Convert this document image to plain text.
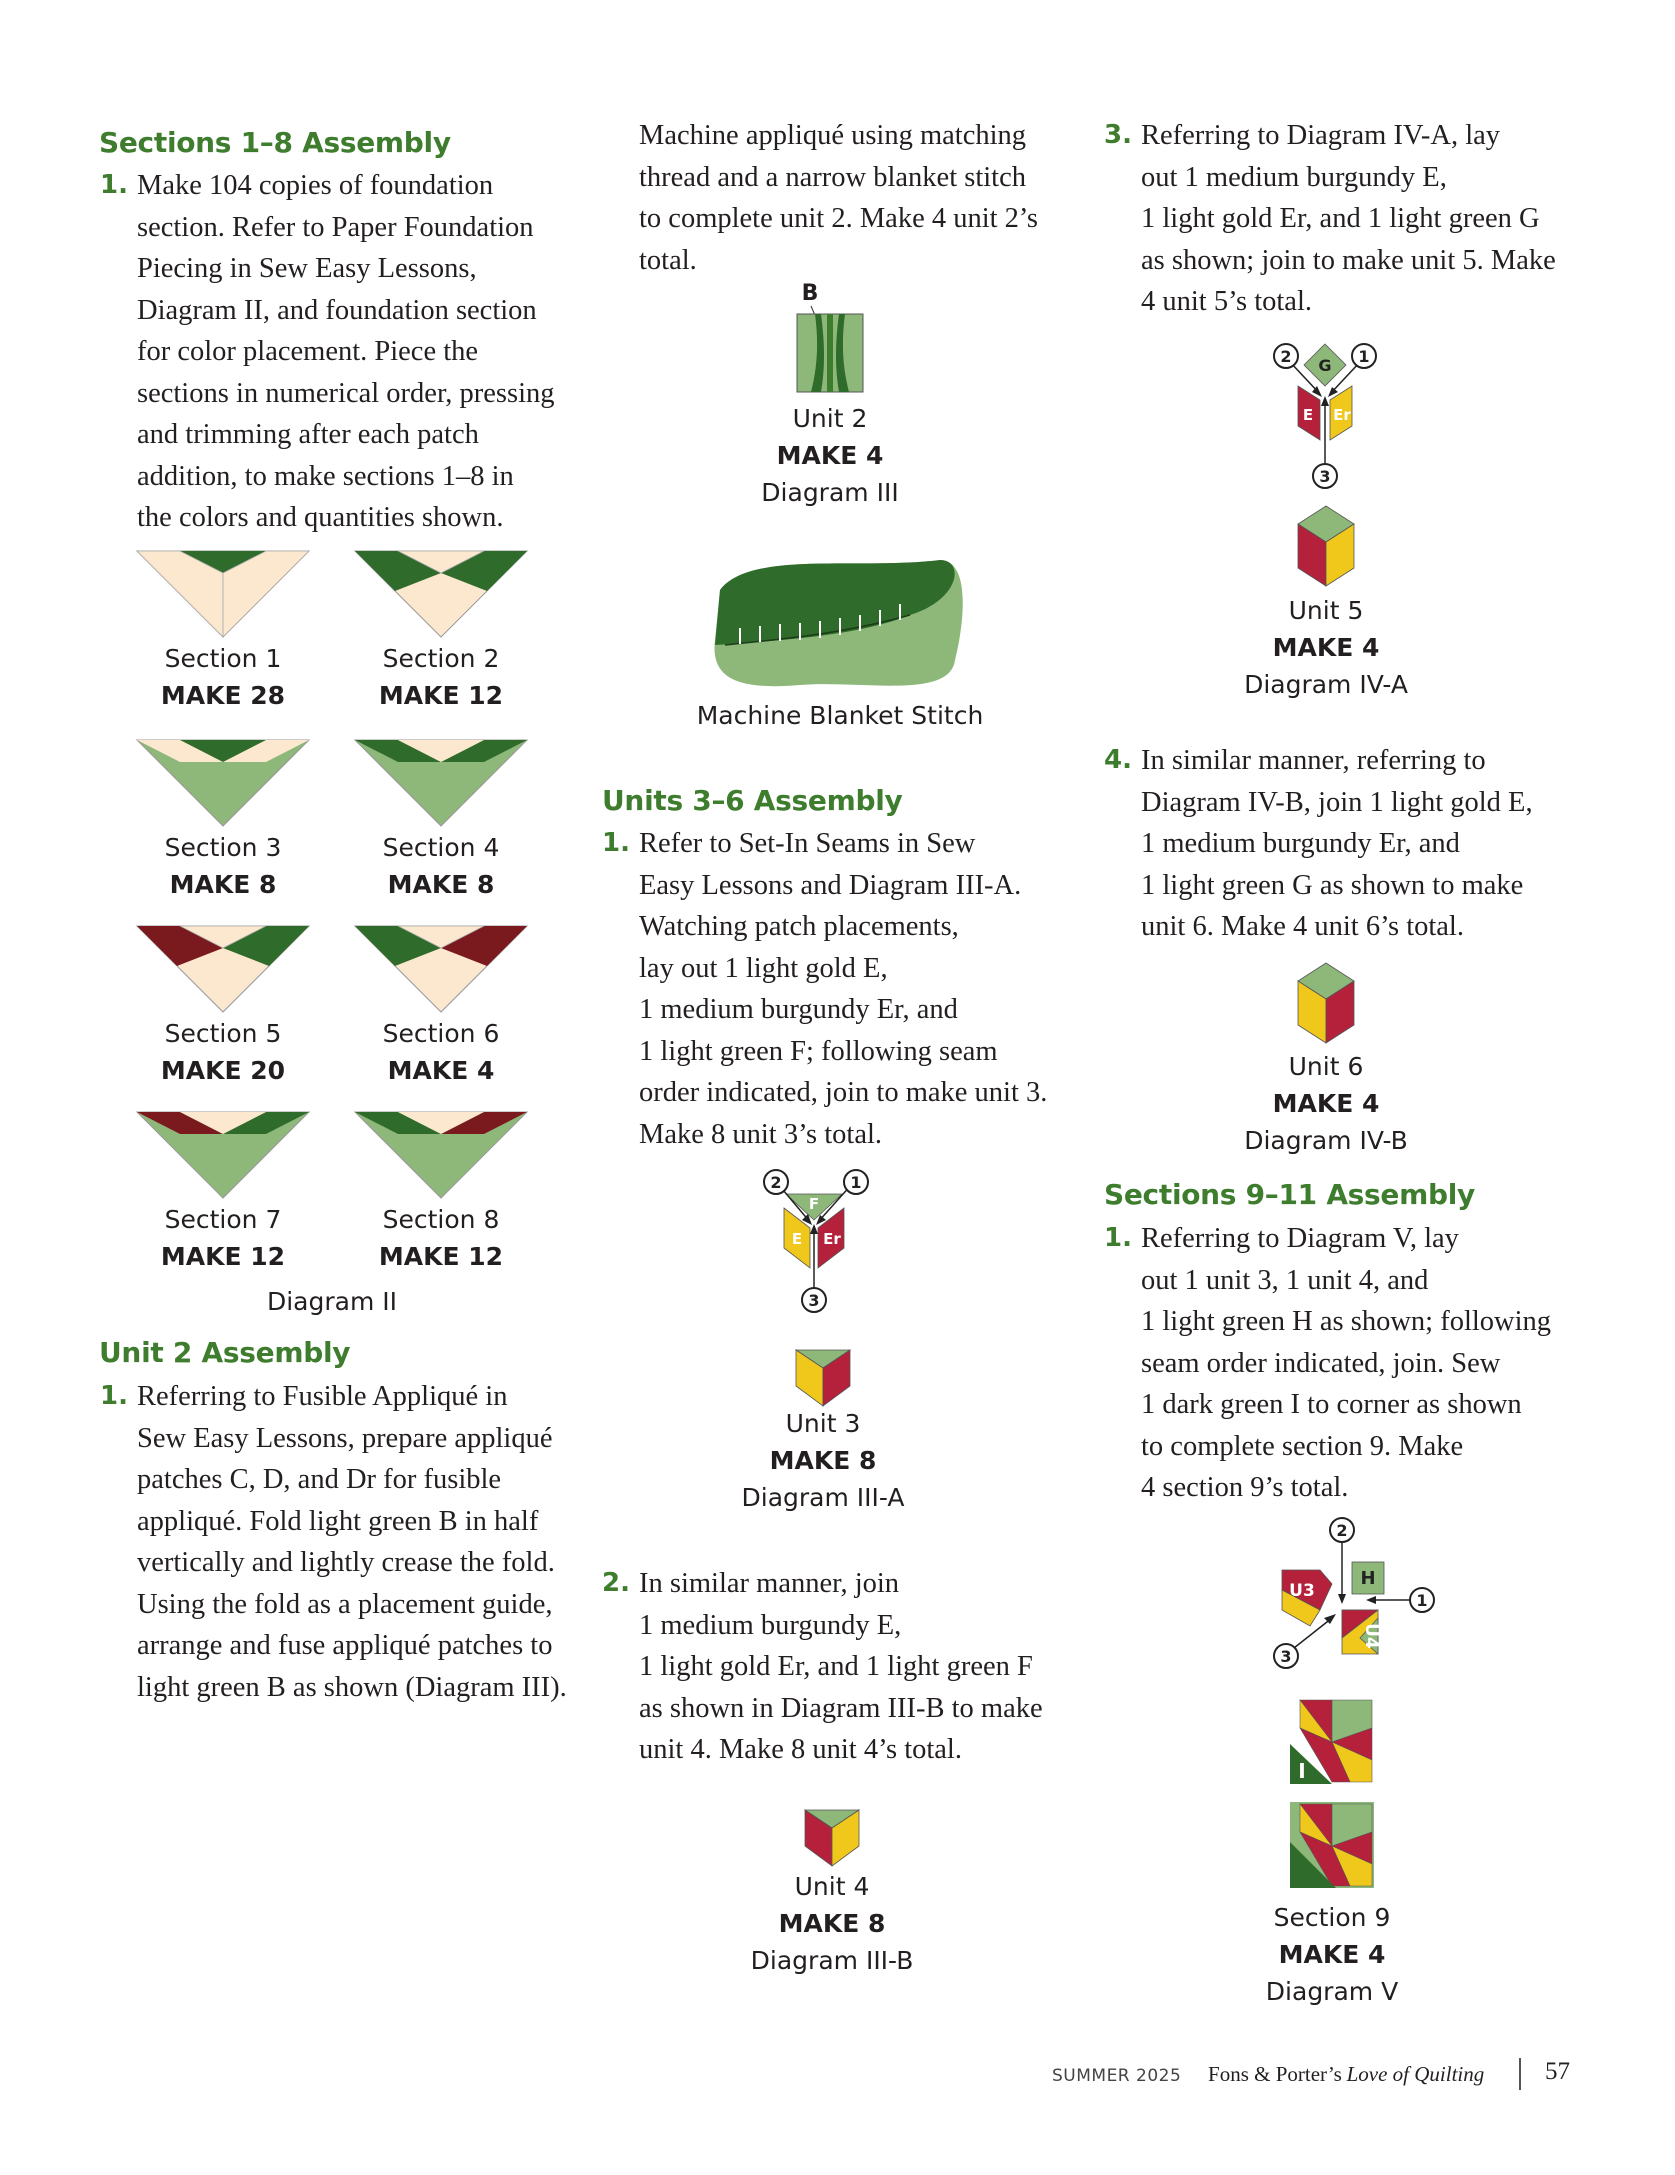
Sections 1–8 Assembly
1. Make 104 copies of foundation
section. Refer to Paper Foundation
Piecing in Sew Easy Lessons,
Diagram II, and foundation section
for color placement. Piece the
sections in numerical order, pressing
and trimming after each patch
addition, to make sections 1–8 in
the colors and quantities shown.
Section 1
MAKE 28
Section 2
MAKE 12
Section 3
MAKE 8
Section 4
MAKE 8
Section 5
MAKE 20
Section 6
MAKE 4
Section 7
MAKE 12
Section 8
MAKE 12
Diagram II
Unit 2 Assembly
1. Referring to Fusible Appliqué in
Sew Easy Lessons, prepare appliqué
patches C, D, and Dr for fusible
appliqué. Fold light green B in half
vertically and lightly crease the fold.
Using the fold as a placement guide,
arrange and fuse appliqué patches to
light green B as shown (Diagram III).
Machine appliqué using matching
thread and a narrow blanket stitch
to complete unit 2. Make 4 unit 2’s
total.
B
Unit 2
MAKE 4
Diagram III
Machine Blanket Stitch
Units 3–6 Assembly
1. Refer to Set-In Seams in Sew
Easy Lessons and Diagram III-A.
Watching patch placements,
lay out 1 light gold E,
1 medium burgundy Er, and
1 light green F; following seam
order indicated, join to make unit 3.
Make 8 unit 3’s total.
2	1
3
F
E Er
Unit 3
MAKE 8
Diagram III-A
2. In similar manner, join
1 medium burgundy E,
1 light gold Er, and 1 light green F
as shown in Diagram III-B to make
unit 4. Make 8 unit 4’s total.
Unit 4
MAKE 8
Diagram III-B
3. Referring to Diagram IV-A, lay
out 1 medium burgundy E,
1 light gold Er, and 1 light green G
as shown; join to make unit 5. Make
4 unit 5’s total.
2	1
3
G
E Er
Unit 5
MAKE 4
Diagram IV-A
4. In similar manner, referring to
Diagram IV-B, join 1 light gold E,
1 medium burgundy Er, and
1 light green G as shown to make
unit 6. Make 4 unit 6’s total.
Unit 6
MAKE 4
Diagram IV-B
Sections 9–11 Assembly
1. Referring to Diagram V, lay
out 1 unit 3, 1 unit 4, and
1 light green H as shown; following
seam order indicated, join. Sew
1 dark green I to corner as shown
to complete section 9. Make
4 section 9’s total.
2
1
3
U3
U4
H
I
Section 9
MAKE 4
Diagram V
SUMMER 2025 Fons & Porter’s Love of Quilting 57
